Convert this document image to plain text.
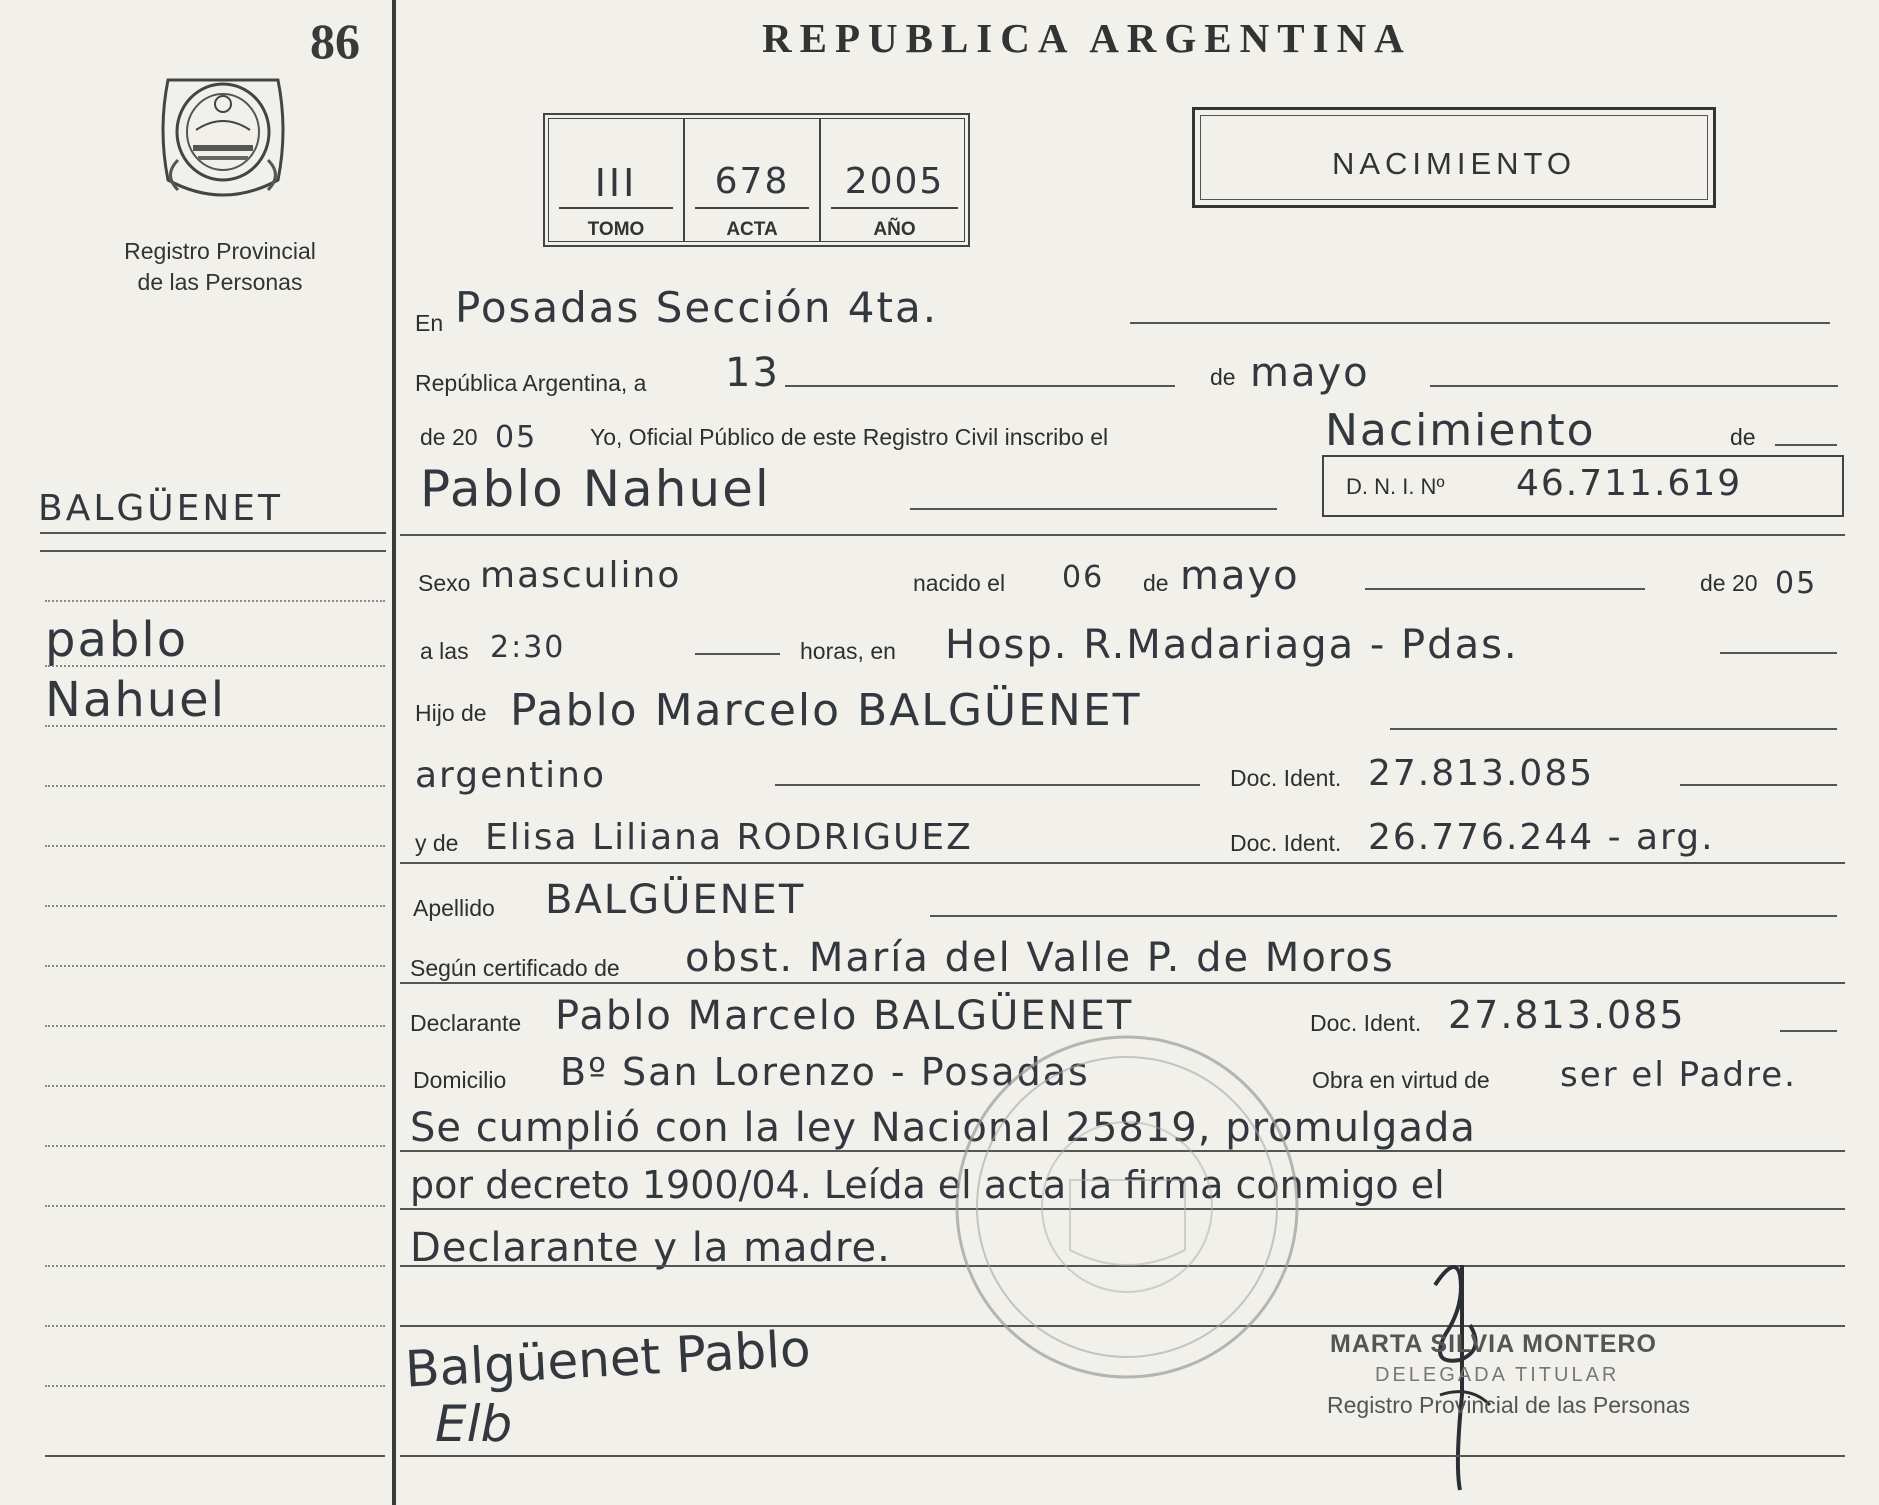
86
Registro Provincial
de las Personas
BALGÜENET
pablo
Nahuel
REPUBLICA ARGENTINA
III
TOMO
678
ACTA
2005
AÑO
NACIMIENTO
En Posadas Sección 4ta.
República Argentina, a 13	de mayo
de 20 05 Yo, Oficial Público de este Registro Civil inscribo el	Nacimiento	de
Pablo Nahuel	D. N. I. Nº 46.711.619
Sexo masculino	nacido el 06 de mayo	de 20 05
a las 2:30	horas, en Hosp. R.Madariaga - Pdas.
Hijo de Pablo Marcelo BALGÜENET
argentino	Doc. Ident. 27.813.085
y de Elisa Liliana RODRIGUEZ	Doc. Ident. 26.776.244 - arg.
Apellido BALGÜENET
Según certificado de obst. María del Valle P. de Moros
Declarante Pablo Marcelo BALGÜENET	Doc. Ident. 27.813.085
Domicilio Bº San Lorenzo - Posadas	Obra en virtud de ser el Padre.
Se cumplió con la ley Nacional 25819, promulgada
por decreto 1900/04. Leída el acta la firma conmigo el
Declarante y la madre.
Balgüenet Pablo
Elb
MARTA SILVIA MONTERO
DELEGADA TITULAR
Registro Provincial de las Personas
